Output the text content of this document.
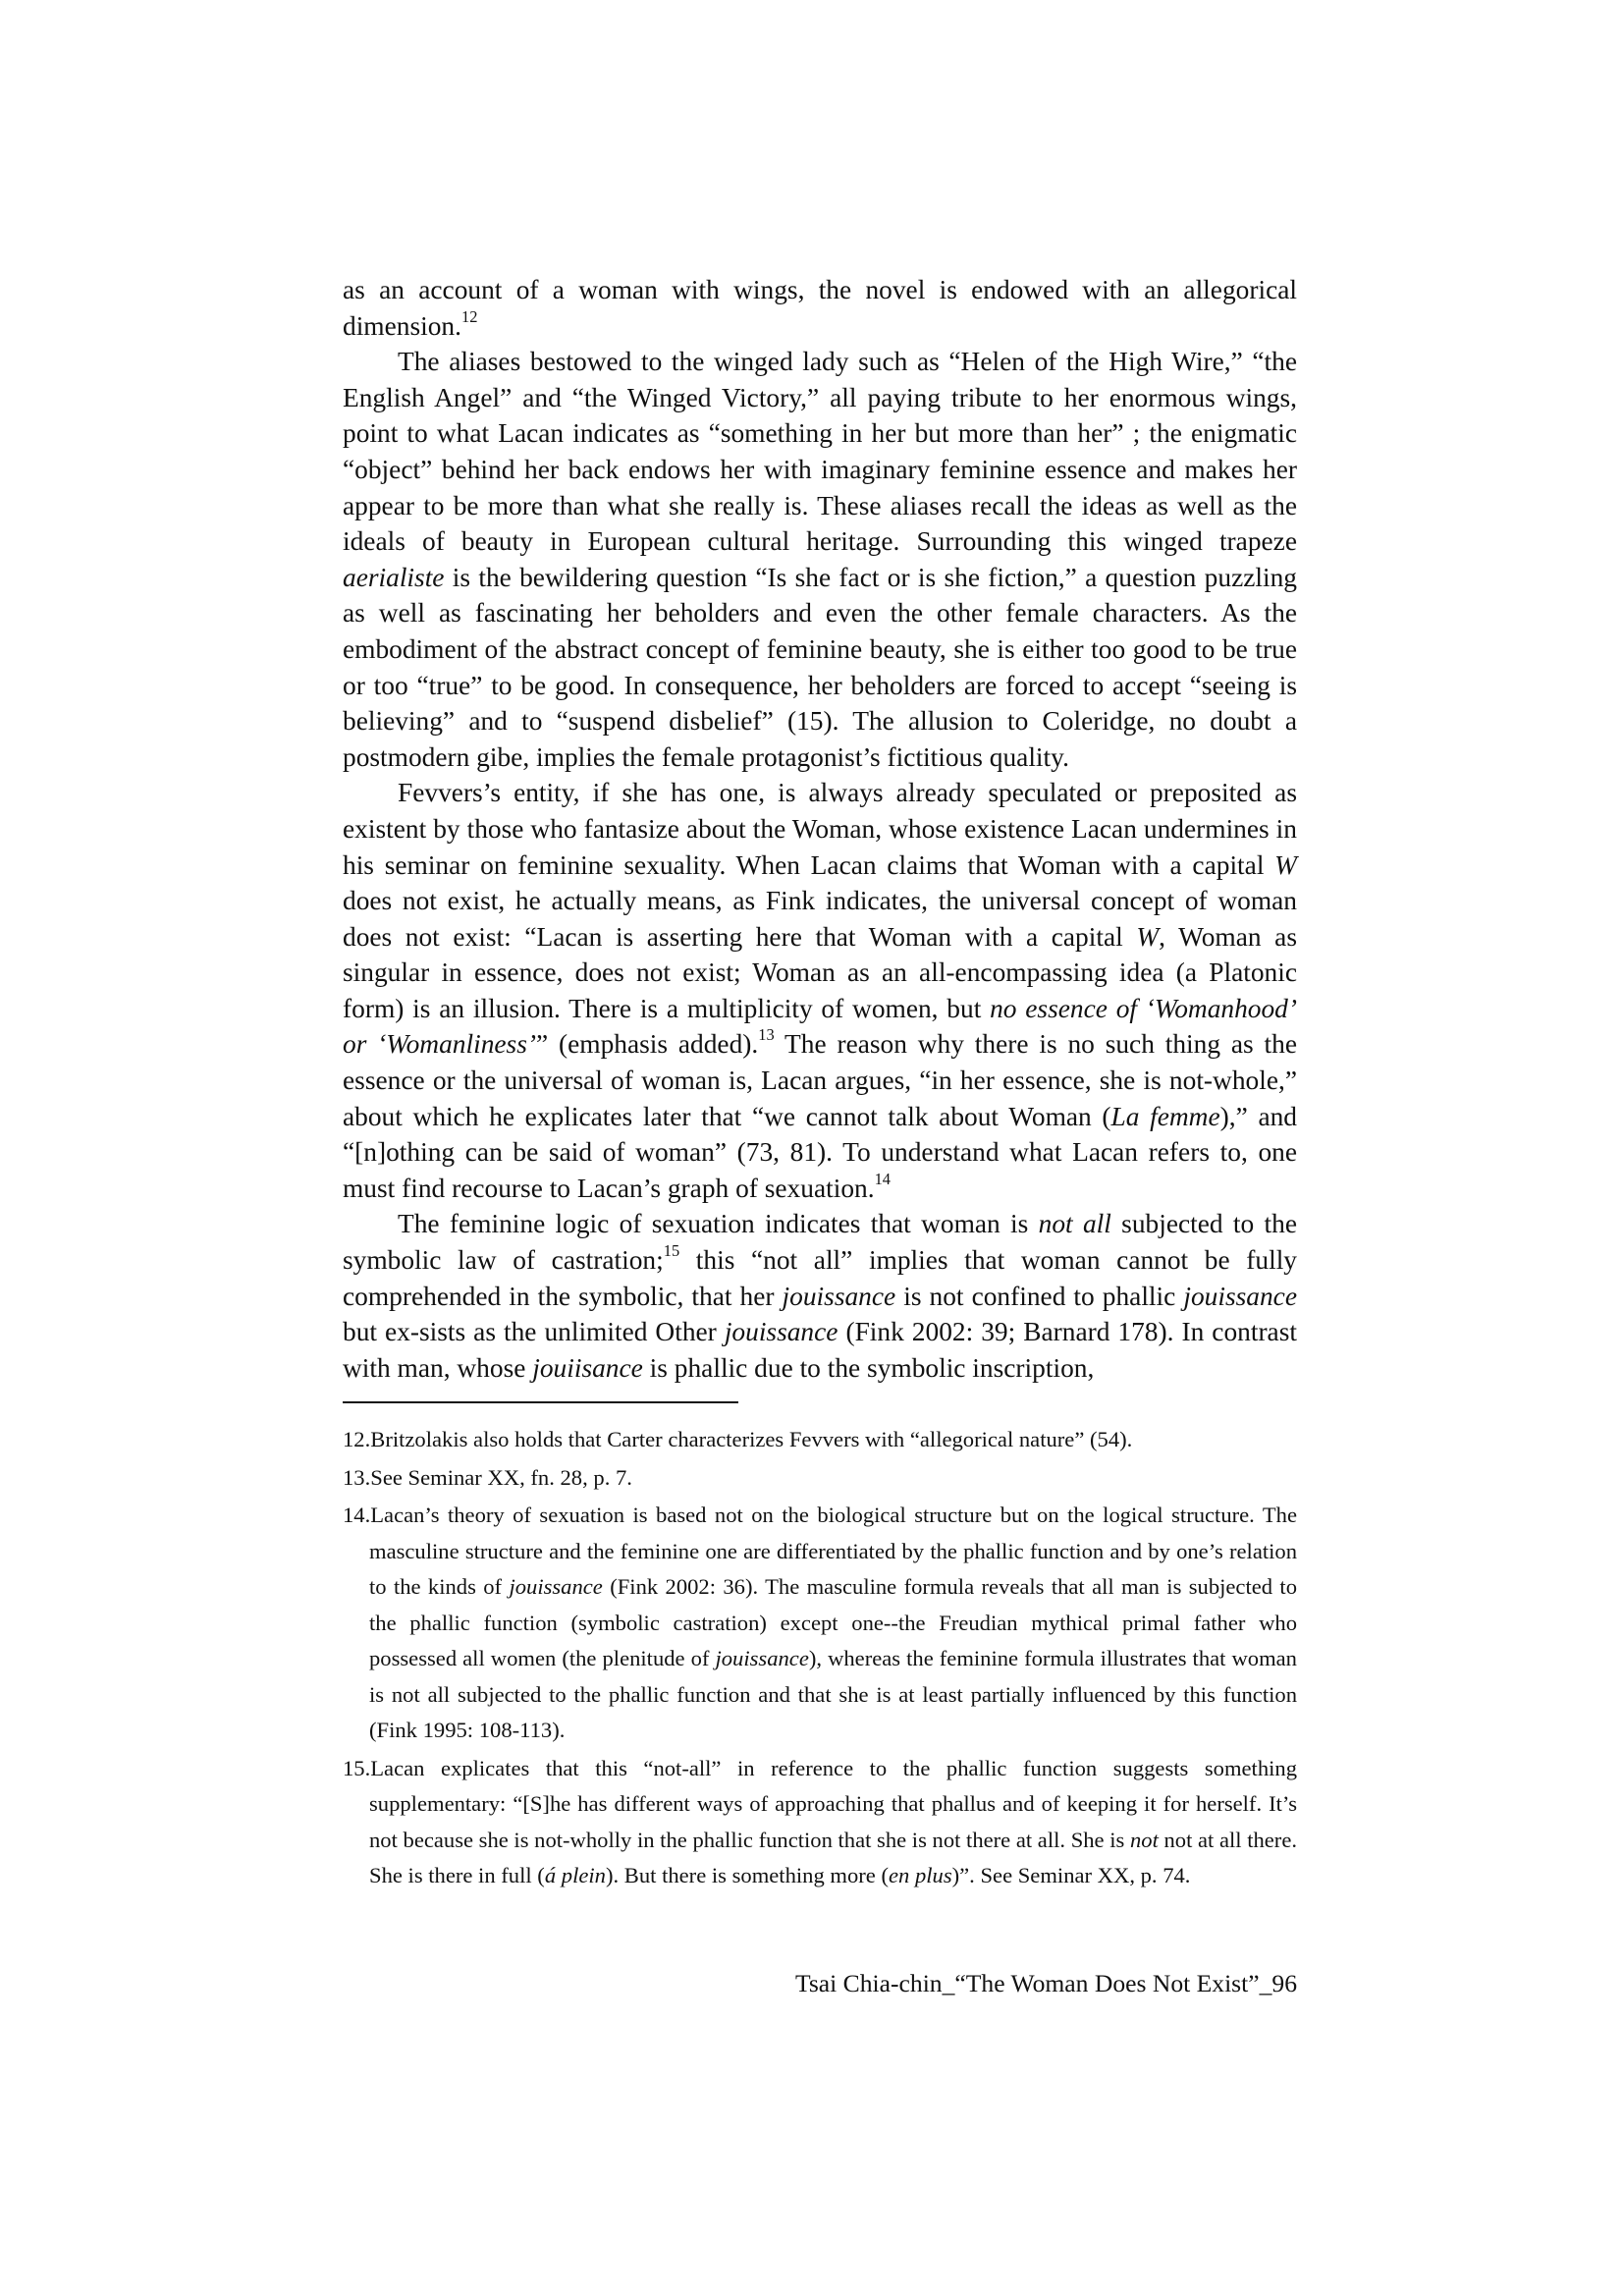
as an account of a woman with wings, the novel is endowed with an allegorical dimension.$^{12}$

The aliases bestowed to the winged lady such as “Helen of the High Wire,” “the English Angel” and “the Winged Victory,” all paying tribute to her enormous wings, point to what Lacan indicates as “something in her but more than her” ; the enigmatic “object” behind her back endows her with imaginary feminine essence and makes her appear to be more than what she really is. These aliases recall the ideas as well as the ideals of beauty in European cultural heritage. Surrounding this winged trapeze aerialiste is the bewildering question “Is she fact or is she fiction,” a question puzzling as well as fascinating her beholders and even the other female characters. As the embodiment of the abstract concept of feminine beauty, she is either too good to be true or too “true” to be good. In consequence, her beholders are forced to accept “seeing is believing” and to “suspend disbelief” (15). The allusion to Coleridge, no doubt a postmodern gibe, implies the female protagonist’s fictitious quality.

Fevvers’s entity, if she has one, is always already speculated or preposited as existent by those who fantasize about the Woman, whose existence Lacan undermines in his seminar on feminine sexuality. When Lacan claims that Woman with a capital W does not exist, he actually means, as Fink indicates, the universal concept of woman does not exist: “Lacan is asserting here that Woman with a capital W, Woman as singular in essence, does not exist; Woman as an all-encompassing idea (a Platonic form) is an illusion. There is a multiplicity of women, but no essence of ‘Womanhood’ or ‘Womanliness’” (emphasis added).$^{13}$ The reason why there is no such thing as the essence or the universal of woman is, Lacan argues, “in her essence, she is not-whole,” about which he explicates later that “we cannot talk about Woman (La femme),” and “[n]othing can be said of woman” (73, 81). To understand what Lacan refers to, one must find recourse to Lacan’s graph of sexuation.$^{14}$

The feminine logic of sexuation indicates that woman is not all subjected to the symbolic law of castration;$^{15}$ this “not all” implies that woman cannot be fully comprehended in the symbolic, that her jouissance is not confined to phallic jouissance but ex-sists as the unlimited Other jouissance (Fink 2002: 39; Barnard 178). In contrast with man, whose jouiisance is phallic due to the symbolic inscription,

12.Britzolakis also holds that Carter characterizes Fevvers with “allegorical nature” (54).
13.See Seminar XX, fn. 28, p. 7.
14.Lacan’s theory of sexuation is based not on the biological structure but on the logical structure. The masculine structure and the feminine one are differentiated by the phallic function and by one’s relation to the kinds of jouissance (Fink 2002: 36). The masculine formula reveals that all man is subjected to the phallic function (symbolic castration) except one--the Freudian mythical primal father who possessed all women (the plenitude of jouissance), whereas the feminine formula illustrates that woman is not all subjected to the phallic function and that she is at least partially influenced by this function (Fink 1995: 108-113).
15.Lacan explicates that this “not-all” in reference to the phallic function suggests something supplementary: “[S]he has different ways of approaching that phallus and of keeping it for herself. It’s not because she is not-wholly in the phallic function that she is not there at all. She is not not at all there. She is there in full (á plein). But there is something more (en plus)”. See Seminar XX, p. 74.
Tsai Chia-chin_“The Woman Does Not Exist”_96
